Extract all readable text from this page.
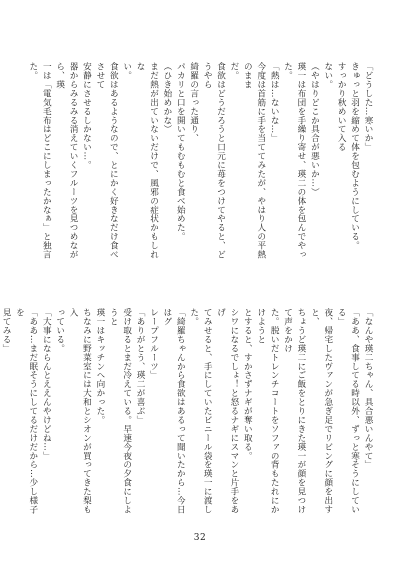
「どうした…寒いか」
きゅっと羽を縮めて体を包むようにしている。
すっかり秋めいて入る
ない。
（やはりどこか具合が悪いか…）
瑛一は布団を手繰り寄せ、瑛二の体を包んでやった。
「熱は…ないな…」
今度は首筋に手を当ててみたが、やはり人の平熱のまま
だ。
食欲はどうだろうと口元に苺をつけてやると、どうやら
綺羅の言った通り、
パカリと口を開いてもむもむと食べ始めた。
（ひき始めかな）
まだ熱が出ていないだけで、風邪の症状かもしれな
い。
食欲はあるようなので、とにかく好きなだけ食べさせて
安静にさせるしかない…。
器からみるみる消えていくフルーツを見つめながら、瑛
一は「電気毛布はどこにしまったかなぁ」と独言た。
「なんや瑛二ちゃん、具合悪いんやて」
「ああ、食事してる時以外、ずっと寒そうにしている」
夜、帰宅したヴァンが急ぎ足でリビングに顔を出すと、
ちょうど瑛二にご飯をとりにきた瑛一が顔を見つけて声をかけ
た。脱いだトレンチコートをソファの背もたれにかけようと
とすると、すかさずナギが奪い取る。
シワになるでしょ！と怒るナギにスマンと片手をあげ
てみせると、手にしていたビニール袋を瑛一に渡した。
「綺羅ちゃんから食欲はあるって聞いたから…今日はグ
レープフルーツ」
「ありがとう、瑛二が喜ぶ」
受け取るとまだ冷えている。早速今夜の夕食にしようと
瑛一はキッチンへ向かった。
ちなみに野菜室には大和とシオンが買ってきた梨も入
っている。
「大事にならんとええんやけどね…」
「ああ…まだ眠そうにしてるだけだから…少し様子を
見てみる」
32
